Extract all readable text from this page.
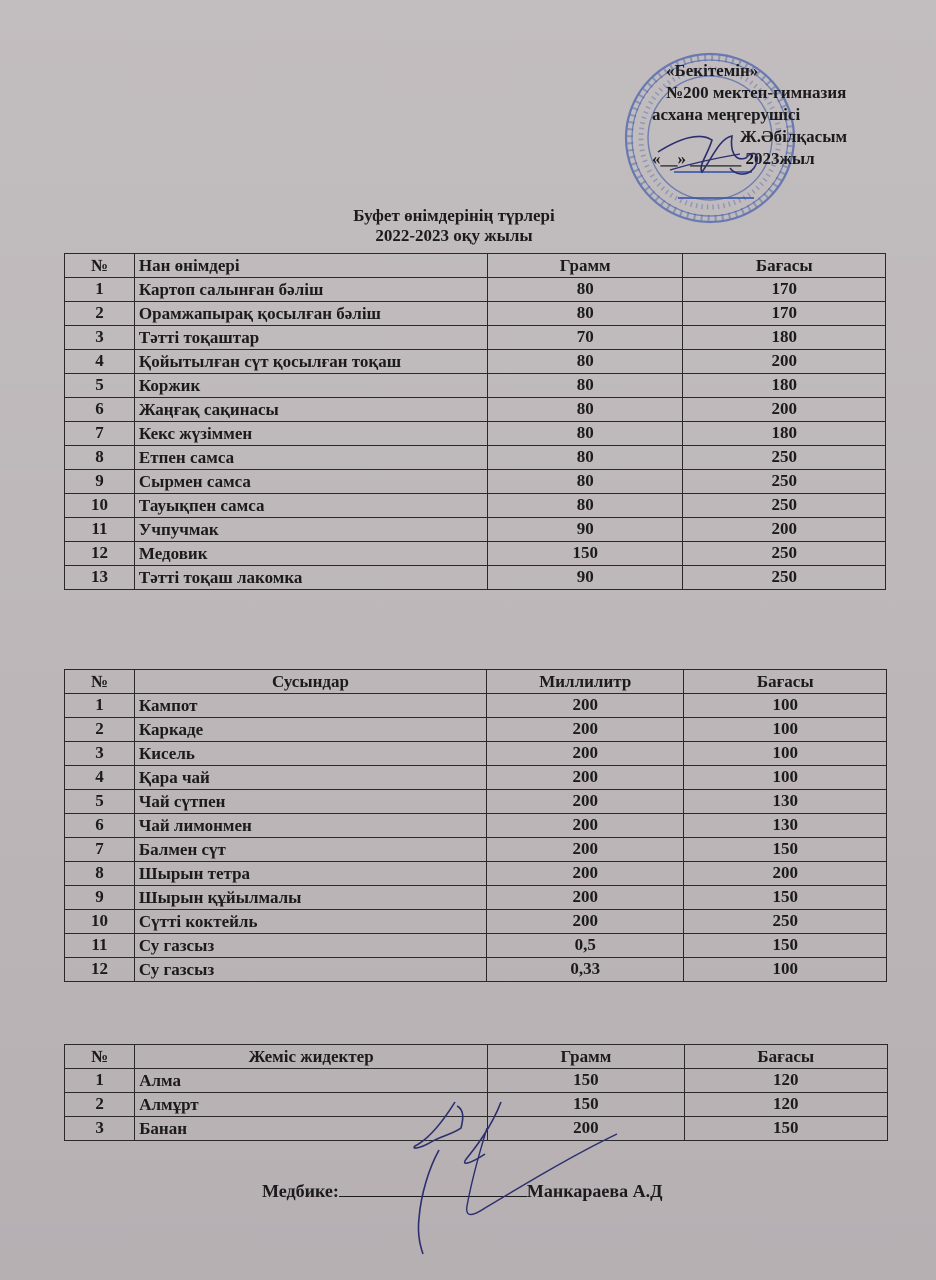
«Бекітемін»
№200 мектеп-гимназия
асхана меңгерушісі
Ж.Әбілқасым
«__» ______ 2023жыл
Буфет өнімдерінің түрлері
2022-2023 оқу жылы
№	Нан өнімдері	Грамм	Бағасы
1	Картоп салынған бәліш	80	170
2	Орамжапырақ қосылған бәліш	80	170
3	Тәтті тоқаштар	70	180
4	Қойытылған сүт қосылған тоқаш	80	200
5	Коржик	80	180
6	Жаңғақ сақинасы	80	200
7	Кекс жүзіммен	80	180
8	Етпен самса	80	250
9	Сырмен самса	80	250
10	Тауықпен самса	80	250
11	Учпучмак	90	200
12	Медовик	150	250
13	Тәтті тоқаш лакомка	90	250
№	Сусындар	Миллилитр	Бағасы
1	Кампот	200	100
2	Каркаде	200	100
3	Кисель	200	100
4	Қара чай	200	100
5	Чай сүтпен	200	130
6	Чай лимонмен	200	130
7	Балмен сүт	200	150
8	Шырын тетра	200	200
9	Шырын құйылмалы	200	150
10	Сүтті коктейль	200	250
11	Су газсыз	0,5	150
12	Су газсыз	0,33	100
№	Жеміс жидектер	Грамм	Бағасы
1	Алма	150	120
2	Алмұрт	150	120
3	Банан	200	150
Медбике:	Манкараева А.Д
